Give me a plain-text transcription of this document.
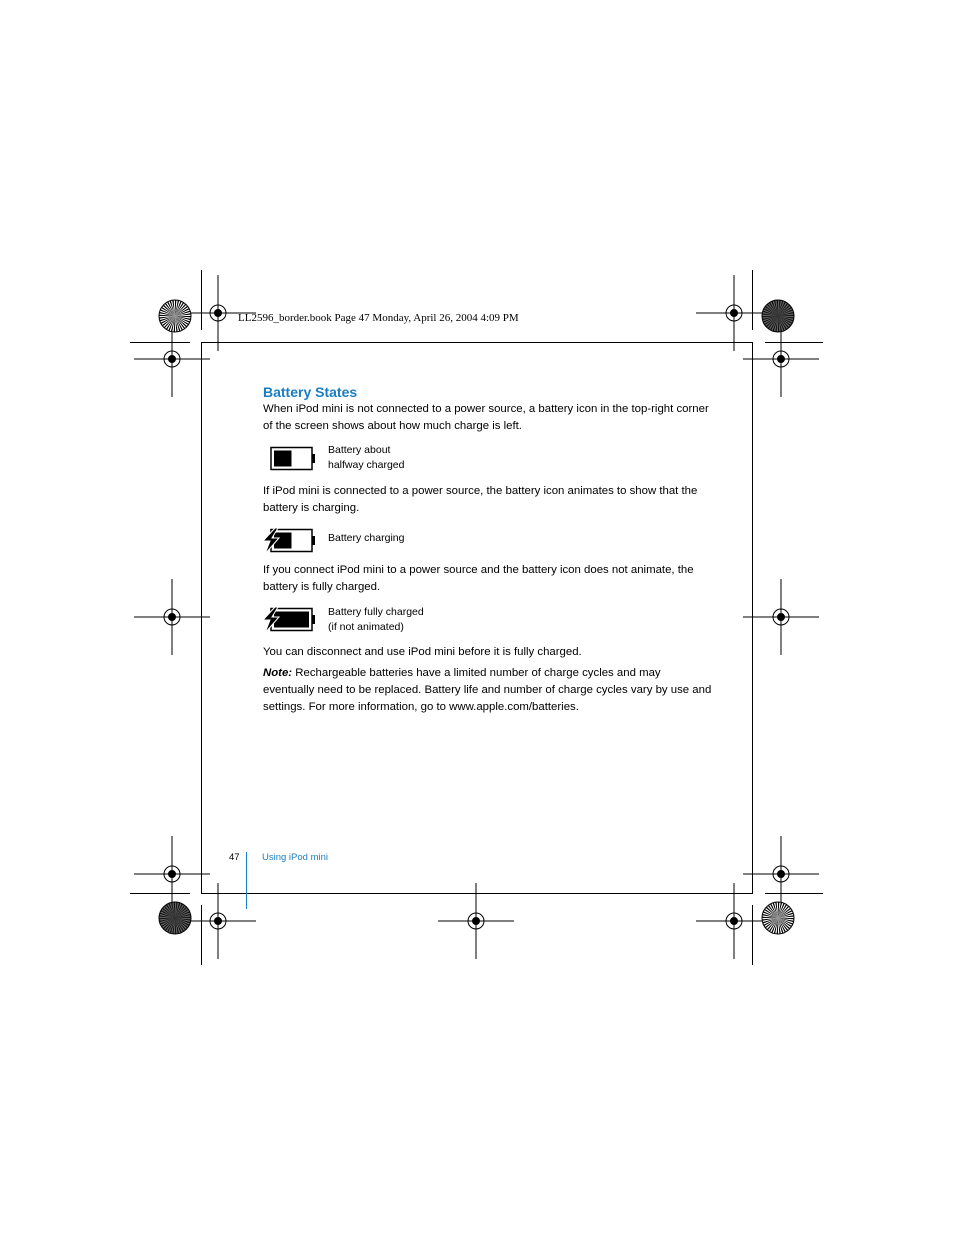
LL2596_border.book Page 47 Monday, April 26, 2004 4:09 PM
Battery States
When iPod mini is not connected to a power source, a battery icon in the top-right corner of the screen shows about how much charge is left.
Battery about
halfway charged
If iPod mini is connected to a power source, the battery icon animates to show that the battery is charging.
Battery charging
If you connect iPod mini to a power source and the battery icon does not animate, the battery is fully charged.
Battery fully charged
(if not animated)
You can disconnect and use iPod mini before it is fully charged.
Note: Rechargeable batteries have a limited number of charge cycles and may eventually need to be replaced. Battery life and number of charge cycles vary by use and settings. For more information, go to www.apple.com/batteries.
47 Using iPod mini
